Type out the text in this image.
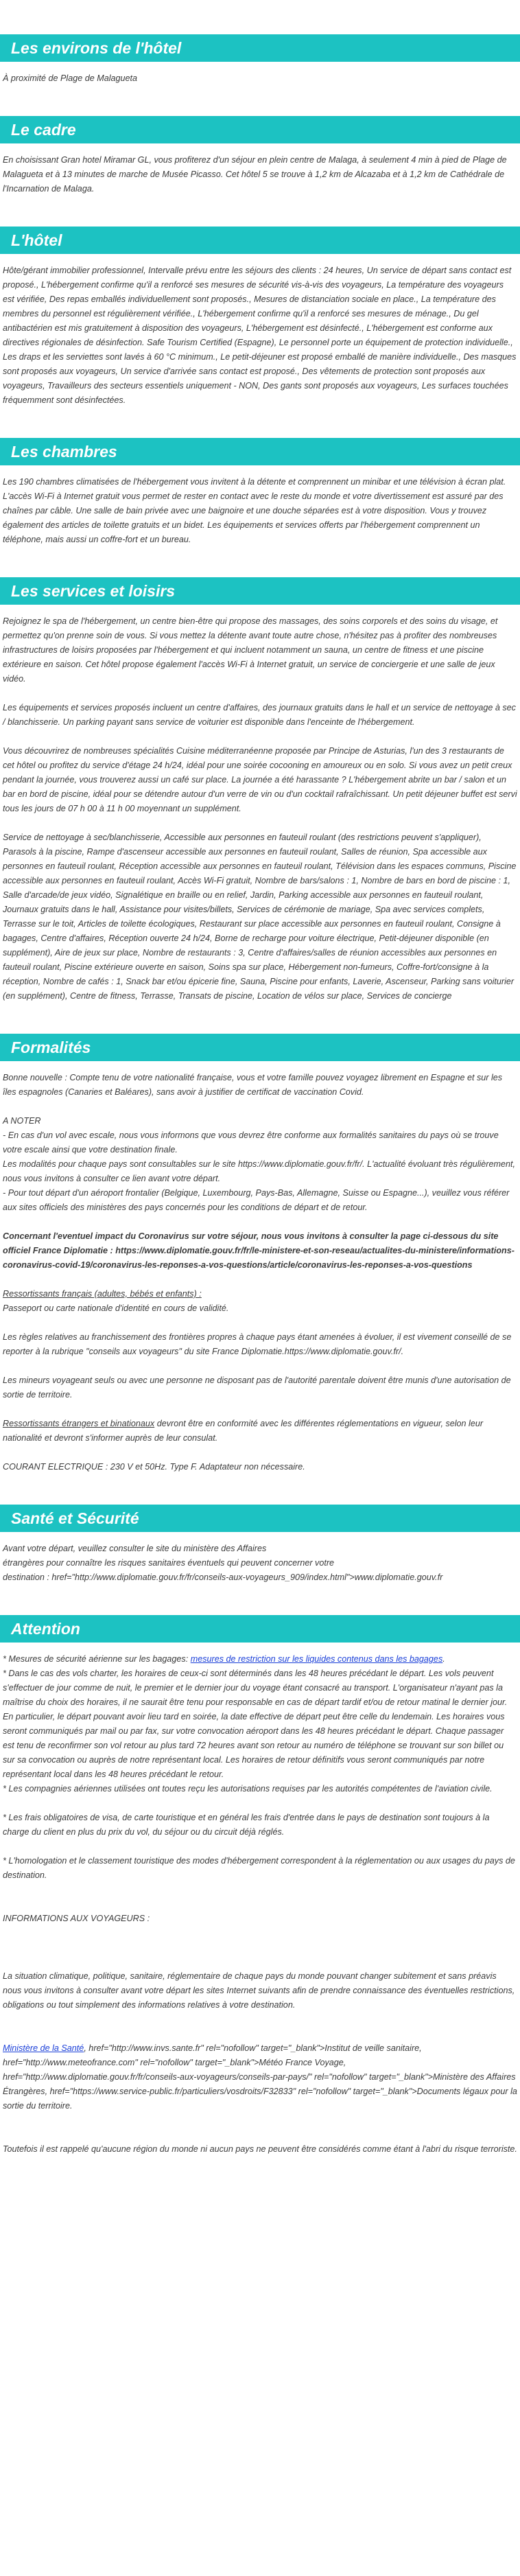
Les environs de l'hôtel

À proximité de Plage de Malagueta

Le cadre

En choisissant Gran hotel Miramar GL, vous profiterez d'un séjour en plein centre de Malaga, à seulement 4 min à pied de Plage de Malagueta et à 13 minutes de marche de Musée Picasso. Cet hôtel 5 se trouve à 1,2 km de Alcazaba et à 1,2 km de Cathédrale de l'Incarnation de Malaga.

L'hôtel

Hôte/gérant immobilier professionnel, Intervalle prévu entre les séjours des clients : 24 heures, Un service de départ sans contact est proposé., L'hébergement confirme qu'il a renforcé ses mesures de sécurité vis-à-vis des voyageurs, La température des voyageurs est vérifiée, Des repas emballés individuellement sont proposés., Mesures de distanciation sociale en place., La température des membres du personnel est régulièrement vérifiée., L'hébergement confirme qu'il a renforcé ses mesures de ménage., Du gel antibactérien est mis gratuitement à disposition des voyageurs, L'hébergement est désinfecté., L'hébergement est conforme aux directives régionales de désinfection. Safe Tourism Certified (Espagne), Le personnel porte un équipement de protection individuelle., Les draps et les serviettes sont lavés à 60 °C minimum., Le petit-déjeuner est proposé emballé de manière individuelle., Des masques sont proposés aux voyageurs, Un service d'arrivée sans contact est proposé., Des vêtements de protection sont proposés aux voyageurs, Travailleurs des secteurs essentiels uniquement - NON, Des gants sont proposés aux voyageurs, Les surfaces touchées fréquemment sont désinfectées.

Les chambres

Les 190 chambres climatisées de l'hébergement vous invitent à la détente et comprennent un minibar et une télévision à écran plat. L'accès Wi-Fi à Internet gratuit vous permet de rester en contact avec le reste du monde et votre divertissement est assuré par des chaînes par câble. Une salle de bain privée avec une baignoire et une douche séparées est à votre disposition. Vous y trouvez également des articles de toilette gratuits et un bidet. Les équipements et services offerts par l'hébergement comprennent un téléphone, mais aussi un coffre-fort et un bureau.

Les services et loisirs

Rejoignez le spa de l'hébergement, un centre bien-être qui propose des massages, des soins corporels et des soins du visage, et permettez qu'on prenne soin de vous. Si vous mettez la détente avant toute autre chose, n'hésitez pas à profiter des nombreuses infrastructures de loisirs proposées par l'hébergement et qui incluent notamment un sauna, un centre de fitness et une piscine extérieure en saison. Cet hôtel propose également l'accès Wi-Fi à Internet gratuit, un service de conciergerie et une salle de jeux vidéo.

Les équipements et services proposés incluent un centre d'affaires, des journaux gratuits dans le hall et un service de nettoyage à sec / blanchisserie. Un parking payant sans service de voiturier est disponible dans l'enceinte de l'hébergement.

Vous découvrirez de nombreuses spécialités Cuisine méditerranéenne proposée par Principe de Asturias, l'un des 3 restaurants de cet hôtel ou profitez du service d'étage 24 h/24, idéal pour une soirée cocooning en amoureux ou en solo. Si vous avez un petit creux pendant la journée, vous trouverez aussi un café sur place. La journée a été harassante ? L'hébergement abrite un bar / salon et un bar en bord de piscine, idéal pour se détendre autour d'un verre de vin ou d'un cocktail rafraîchissant. Un petit déjeuner buffet est servi tous les jours de 07 h 00 à 11 h 00 moyennant un supplément.

Service de nettoyage à sec/blanchisserie, Accessible aux personnes en fauteuil roulant (des restrictions peuvent s'appliquer), Parasols à la piscine, Rampe d'ascenseur accessible aux personnes en fauteuil roulant, Salles de réunion, Spa accessible aux personnes en fauteuil roulant, Réception accessible aux personnes en fauteuil roulant, Télévision dans les espaces communs, Piscine accessible aux personnes en fauteuil roulant, Accès Wi-Fi gratuit, Nombre de bars/salons : 1, Nombre de bars en bord de piscine : 1, Salle d'arcade/de jeux vidéo, Signalétique en braille ou en relief, Jardin, Parking accessible aux personnes en fauteuil roulant, Journaux gratuits dans le hall, Assistance pour visites/billets, Services de cérémonie de mariage, Spa avec services complets, Terrasse sur le toit, Articles de toilette écologiques, Restaurant sur place accessible aux personnes en fauteuil roulant, Consigne à bagages, Centre d'affaires, Réception ouverte 24 h/24, Borne de recharge pour voiture électrique, Petit-déjeuner disponible (en supplément), Aire de jeux sur place, Nombre de restaurants : 3, Centre d'affaires/salles de réunion accessibles aux personnes en fauteuil roulant, Piscine extérieure ouverte en saison, Soins spa sur place, Hébergement non-fumeurs, Coffre-fort/consigne à la réception, Nombre de cafés : 1, Snack bar et/ou épicerie fine, Sauna, Piscine pour enfants, Laverie, Ascenseur, Parking sans voiturier (en supplément), Centre de fitness, Terrasse, Transats de piscine, Location de vélos sur place, Services de concierge

Formalités

Bonne nouvelle : Compte tenu de votre nationalité française, vous et votre famille pouvez voyagez librement en Espagne et sur les îles espagnoles (Canaries et Baléares), sans avoir à justifier de certificat de vaccination Covid.

A NOTER

- En cas d'un vol avec escale, nous vous informons que vous devrez être conforme aux formalités sanitaires du pays où se trouve votre escale ainsi que votre destination finale.

Les modalités pour chaque pays sont consultables sur le site https://www.diplomatie.gouv.fr/fr/. L'actualité évoluant très régulièrement, nous vous invitons à consulter ce lien avant votre départ.

- Pour tout départ d'un aéroport frontalier (Belgique, Luxembourg, Pays-Bas, Allemagne, Suisse ou Espagne...), veuillez vous référer aux sites officiels des ministères des pays concernés pour les conditions de départ et de retour.

Concernant l'eventuel impact du Coronavirus sur votre séjour, nous vous invitons à consulter la page ci-dessous du site officiel France Diplomatie : https://www.diplomatie.gouv.fr/fr/le-ministere-et-son-reseau/actualites-du-ministere/informations-coronavirus-covid-19/coronavirus-les-reponses-a-vos-questions/article/coronavirus-les-reponses-a-vos-questions

Ressortissants français (adultes, bébés et enfants) :

Passeport ou carte nationale d'identité en cours de validité.

Les règles relatives au franchissement des frontières propres à chaque pays étant amenées à évoluer, il est vivement conseillé de se reporter à la rubrique "conseils aux voyageurs" du site France Diplomatie.https://www.diplomatie.gouv.fr/.

Les mineurs voyageant seuls ou avec une personne ne disposant pas de l'autorité parentale doivent être munis d'une autorisation de sortie de territoire.

Ressortissants étrangers et binationaux devront être en conformité avec les différentes réglementations en vigueur, selon leur nationalité et devront s'informer auprès de leur consulat.

COURANT ELECTRIQUE : 230 V et 50Hz. Type F. Adaptateur non nécessaire.

Santé et Sécurité

Avant votre départ, veuillez consulter le site du ministère des Affaires

étrangères pour connaître les risques sanitaires éventuels qui peuvent concerner votre

destination : href="http://www.diplomatie.gouv.fr/fr/conseils-aux-voyageurs_909/index.html">www.diplomatie.gouv.fr

Attention

* Mesures de sécurité aérienne sur les bagages: mesures de restriction sur les liquides contenus dans les bagages.

* Dans le cas des vols charter, les horaires de ceux-ci sont déterminés dans les 48 heures précédant le départ. Les vols peuvent s'effectuer de jour comme de nuit, le premier et le dernier jour du voyage étant consacré au transport. L'organisateur n'ayant pas la maîtrise du choix des horaires, il ne saurait être tenu pour responsable en cas de départ tardif et/ou de retour matinal le dernier jour. En particulier, le départ pouvant avoir lieu tard en soirée, la date effective de départ peut être celle du lendemain. Les horaires vous seront communiqués par mail ou par fax, sur votre convocation aéroport dans les 48 heures précédant le départ. Chaque passager est tenu de reconfirmer son vol retour au plus tard 72 heures avant son retour au numéro de téléphone se trouvant sur son billet ou sur sa convocation ou auprès de notre représentant local. Les horaires de retour définitifs vous seront communiqués par notre représentant local dans les 48 heures précédant le retour.

* Les compagnies aériennes utilisées ont toutes reçu les autorisations requises par les autorités compétentes de l'aviation civile.

* Les frais obligatoires de visa, de carte touristique et en général les frais d'entrée dans le pays de destination sont toujours à la charge du client en plus du prix du vol, du séjour ou du circuit déjà réglés.

* L'homologation et le classement touristique des modes d'hébergement correspondent à la réglementation ou aux usages du pays de destination.

INFORMATIONS AUX VOYAGEURS :

La situation climatique, politique, sanitaire, réglementaire de chaque pays du monde pouvant changer subitement et sans préavis

nous vous invitons à consulter avant votre départ les sites Internet suivants afin de prendre connaissance des éventuelles restrictions, obligations ou tout simplement des informations relatives à votre destination.

Ministère de la Santé, href="http://www.invs.sante.fr" rel="nofollow" target="_blank">Institut de veille sanitaire, href="http://www.meteofrance.com" rel="nofollow" target="_blank">Météo France Voyage, href="http://www.diplomatie.gouv.fr/fr/conseils-aux-voyageurs/conseils-par-pays/" rel="nofollow" target="_blank">Ministère des Affaires Étrangères, href="https://www.service-public.fr/particuliers/vosdroits/F32833" rel="nofollow" target="_blank">Documents légaux pour la sortie du territoire.

Toutefois il est rappelé qu'aucune région du monde ni aucun pays ne peuvent être considérés comme étant à l'abri du risque terroriste.
